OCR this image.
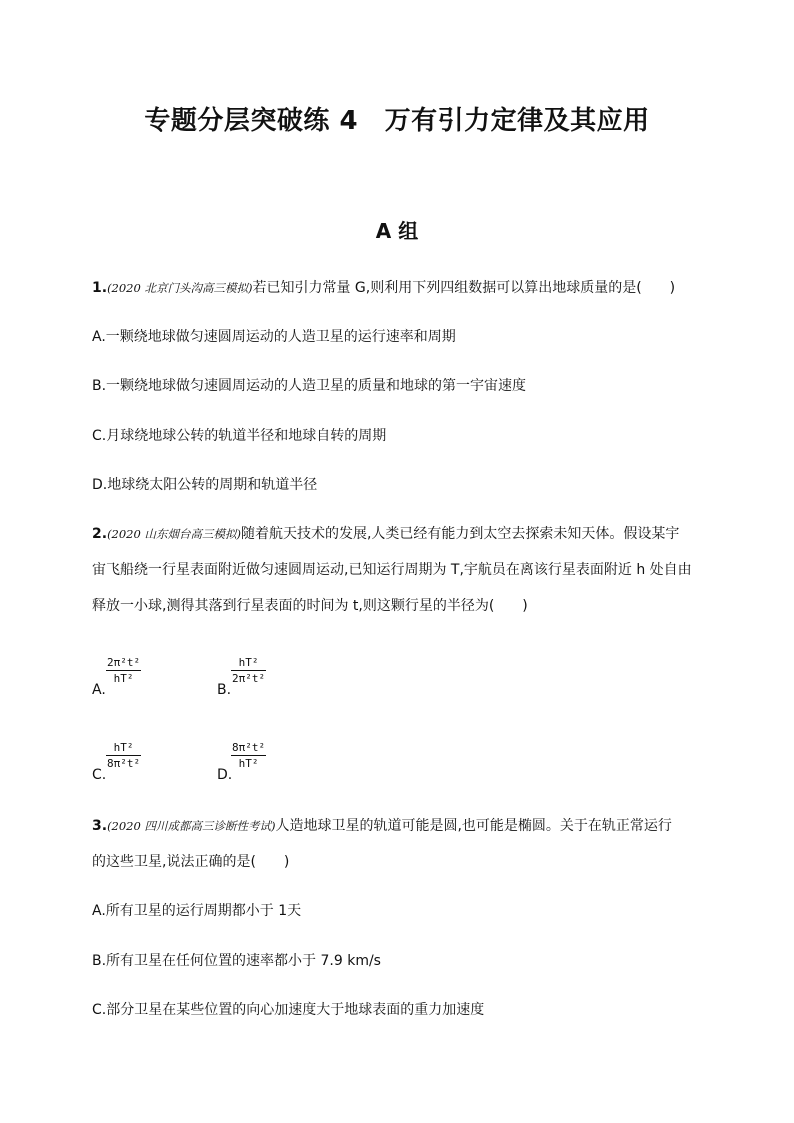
专题分层突破练 4　万有引力定律及其应用
A 组
1.(2020 北京门头沟高三模拟)若已知引力常量 G,则利用下列四组数据可以算出地球质量的是(　　)
A.一颗绕地球做匀速圆周运动的人造卫星的运行速率和周期
B.一颗绕地球做匀速圆周运动的人造卫星的质量和地球的第一宇宙速度
C.月球绕地球公转的轨道半径和地球自转的周期
D.地球绕太阳公转的周期和轨道半径
2.(2020 山东烟台高三模拟)随着航天技术的发展,人类已经有能力到太空去探索未知天体。假设某宇
宙飞船绕一行星表面附近做匀速圆周运动,已知运行周期为 T,宇航员在离该行星表面附近 h 处自由
释放一小球,测得其落到行星表面的时间为 t,则这颗行星的半径为(　　)
A.
2π²t²
hT²
B.
hT²
2π²t²
C.
hT²
8π²t²
D.
8π²t²
hT²
3.(2020 四川成都高三诊断性考试)人造地球卫星的轨道可能是圆,也可能是椭圆。关于在轨正常运行
的这些卫星,说法正确的是(　　)
A.所有卫星的运行周期都小于 1天
B.所有卫星在任何位置的速率都小于 7.9 km/s
C.部分卫星在某些位置的向心加速度大于地球表面的重力加速度
